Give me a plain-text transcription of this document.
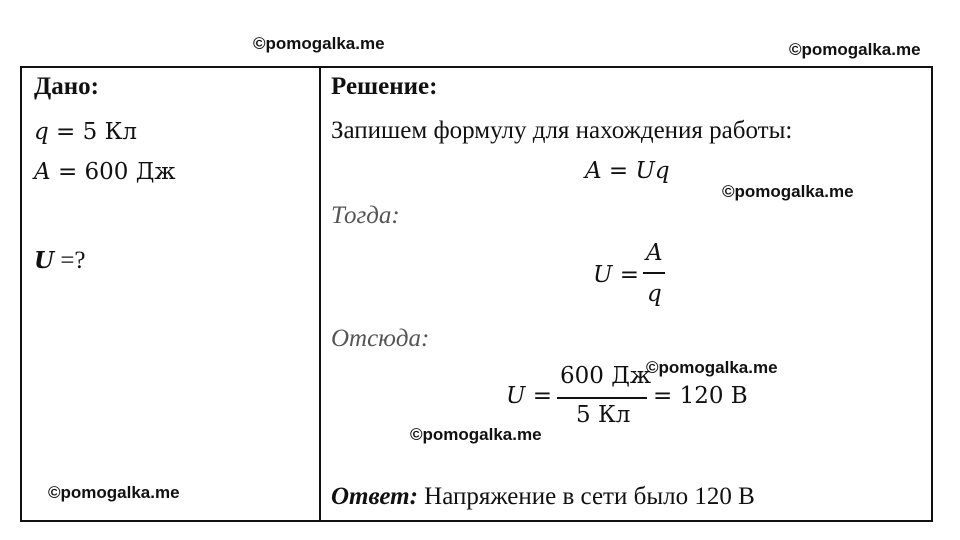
©pomogalka.me	©pomogalka.me
©pomogalka.me
©pomogalka.me
©pomogalka.me
©pomogalka.me
Дано:
q = 5 Кл
A = 600 Дж
U =?
Решение:
Запишем формулу для нахождения работы:
A = Uq
Тогда:
U =
A
q
Отсюда:
U =
600 Дж
5 Кл
= 120 В
Ответ: Напряжение в сети было 120 В
